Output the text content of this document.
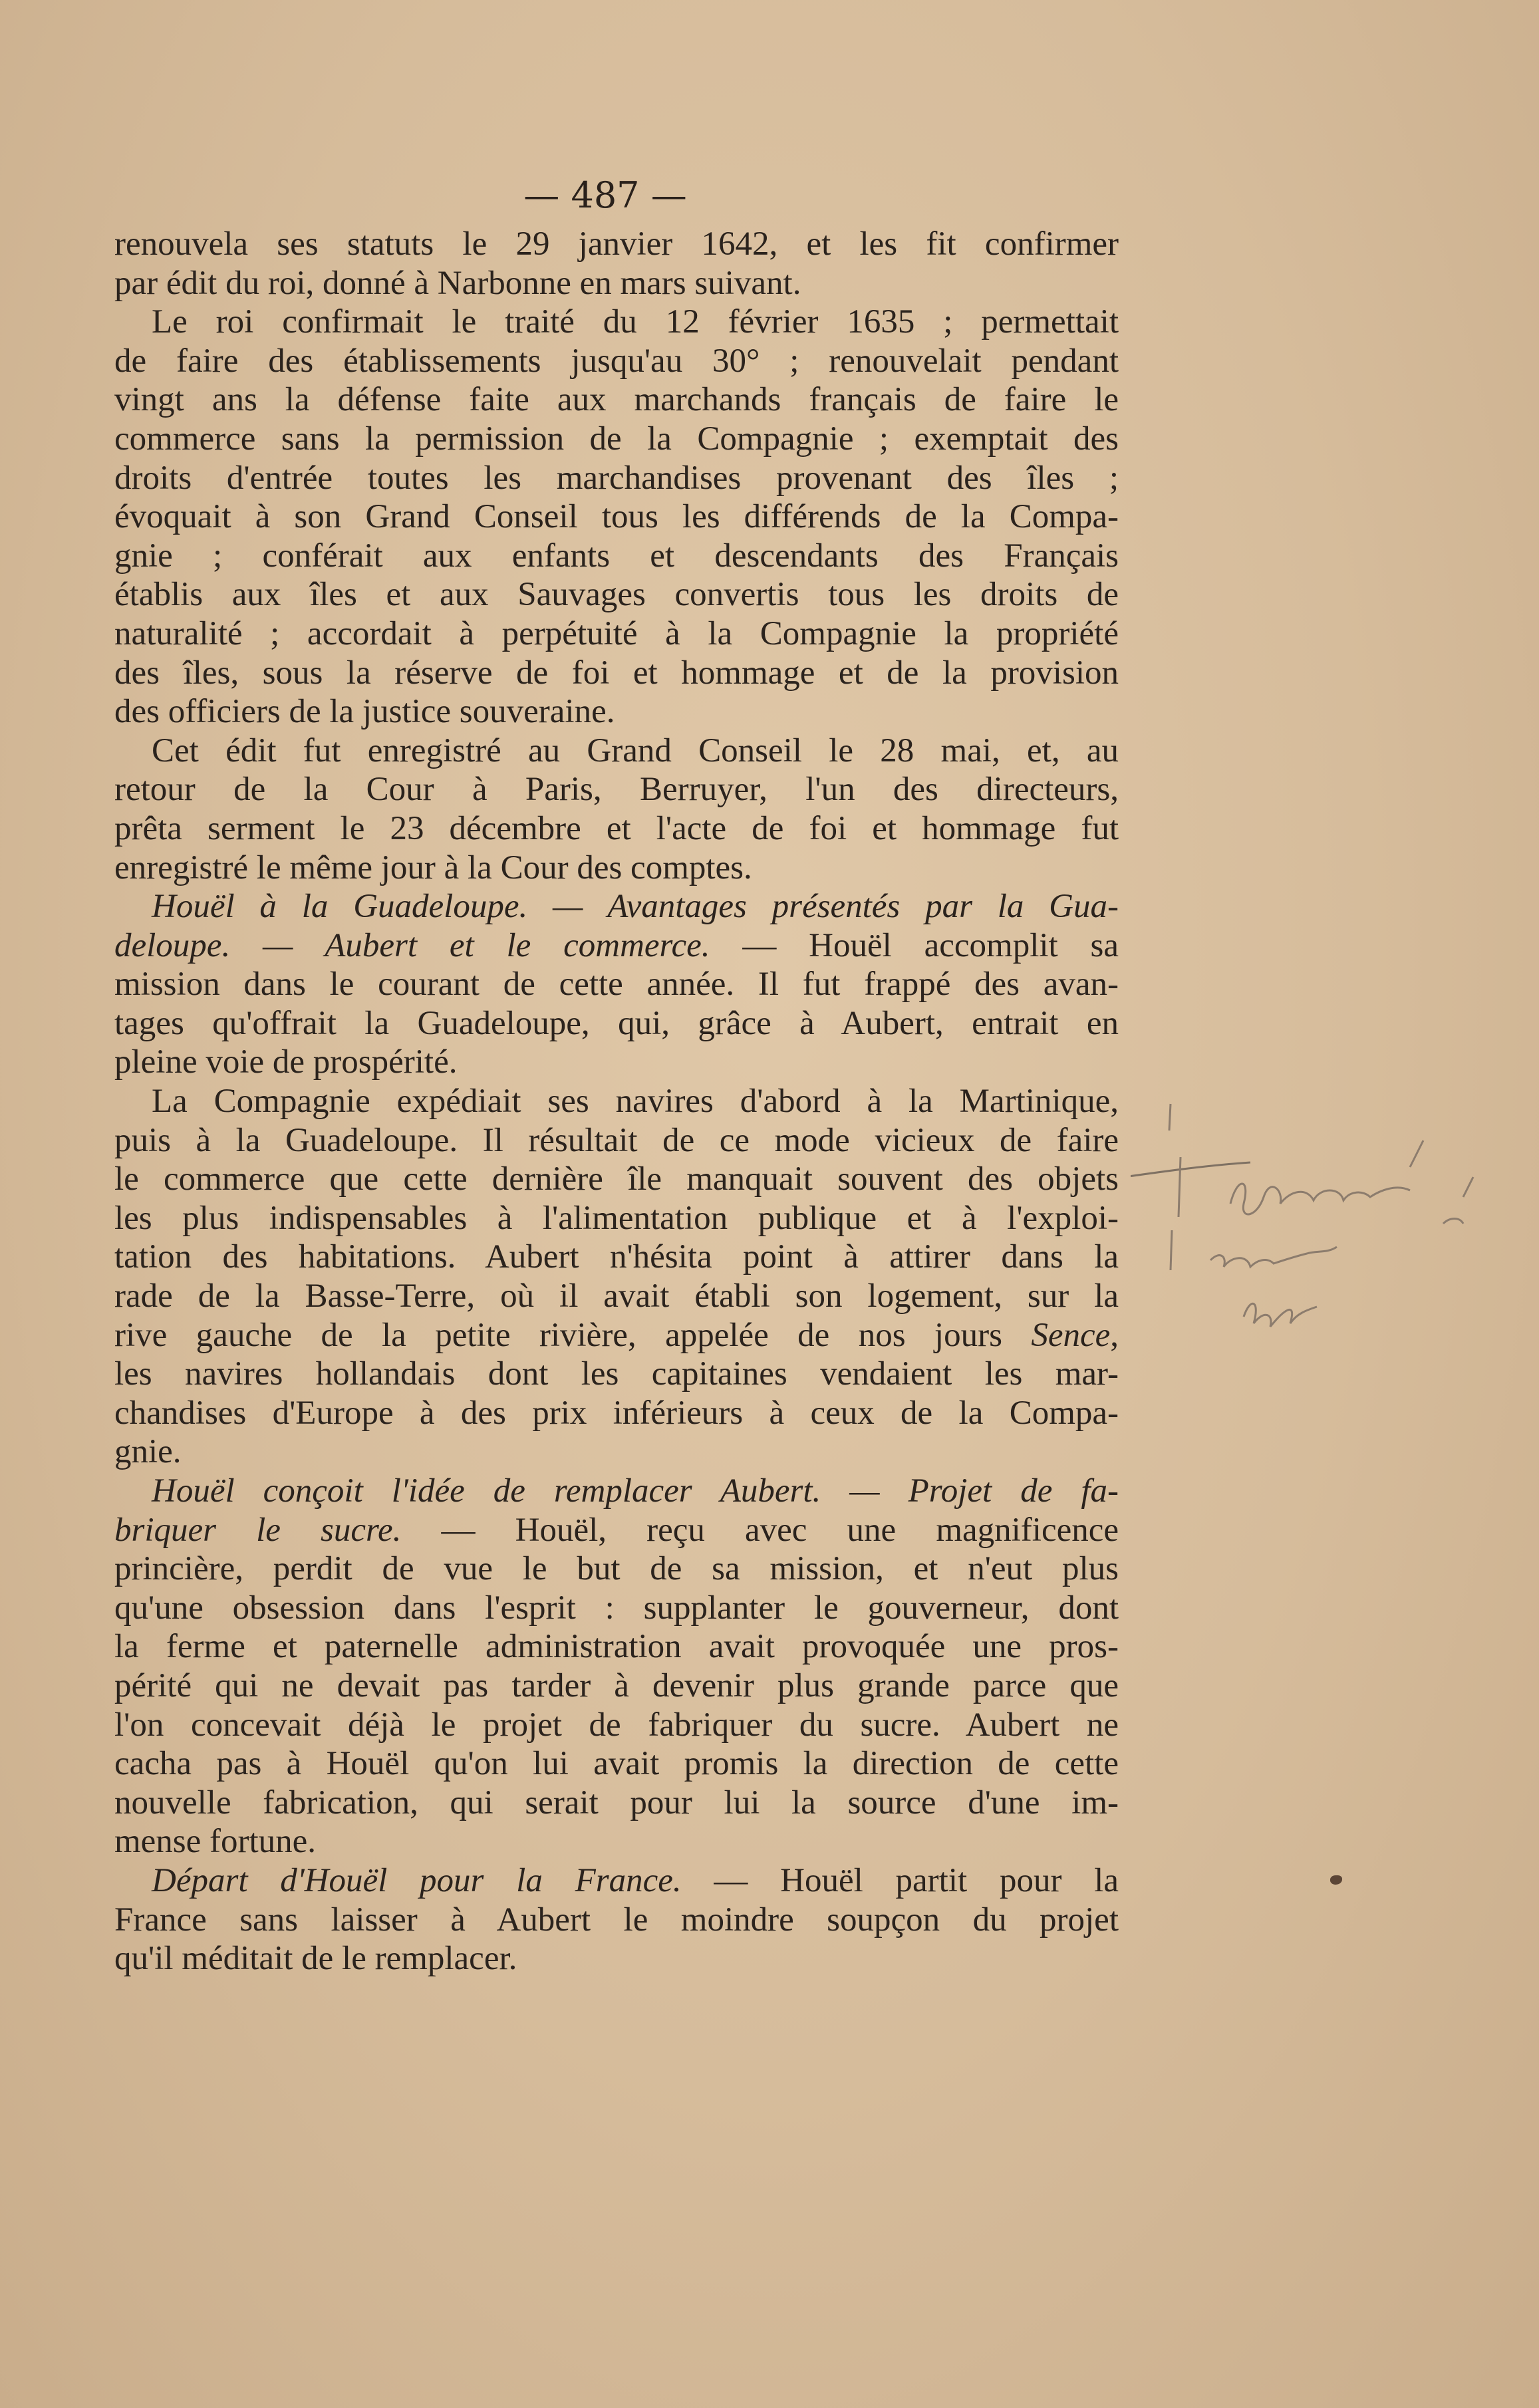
— 487 —
renouvela ses statuts le 29 janvier 1642, et les fit confirmer
par édit du roi, donné à Narbonne en mars suivant.
Le roi confirmait le traité du 12 février 1635 ; permettait
de faire des établissements jusqu'au 30° ; renouvelait pendant
vingt ans la défense faite aux marchands français de faire le
commerce sans la permission de la Compagnie ; exemptait des
droits d'entrée toutes les marchandises provenant des îles ;
évoquait à son Grand Conseil tous les différends de la Compa-
gnie ; conférait aux enfants et descendants des Français
établis aux îles et aux Sauvages convertis tous les droits de
naturalité ; accordait à perpétuité à la Compagnie la propriété
des îles, sous la réserve de foi et hommage et de la provision
des officiers de la justice souveraine.
Cet édit fut enregistré au Grand Conseil le 28 mai, et, au
retour de la Cour à Paris, Berruyer, l'un des directeurs,
prêta serment le 23 décembre et l'acte de foi et hommage fut
enregistré le même jour à la Cour des comptes.
Houël à la Guadeloupe. — Avantages présentés par la Gua-
deloupe. — Aubert et le commerce. — Houël accomplit sa
mission dans le courant de cette année. Il fut frappé des avan-
tages qu'offrait la Guadeloupe, qui, grâce à Aubert, entrait en
pleine voie de prospérité.
La Compagnie expédiait ses navires d'abord à la Martinique,
puis à la Guadeloupe. Il résultait de ce mode vicieux de faire
le commerce que cette dernière île manquait souvent des objets
les plus indispensables à l'alimentation publique et à l'exploi-
tation des habitations. Aubert n'hésita point à attirer dans la
rade de la Basse-Terre, où il avait établi son logement, sur la
rive gauche de la petite rivière, appelée de nos jours Sence,
les navires hollandais dont les capitaines vendaient les mar-
chandises d'Europe à des prix inférieurs à ceux de la Compa-
gnie.
Houël conçoit l'idée de remplacer Aubert. — Projet de fa-
briquer le sucre. — Houël, reçu avec une magnificence
princière, perdit de vue le but de sa mission, et n'eut plus
qu'une obsession dans l'esprit : supplanter le gouverneur, dont
la ferme et paternelle administration avait provoquée une pros-
périté qui ne devait pas tarder à devenir plus grande parce que
l'on concevait déjà le projet de fabriquer du sucre. Aubert ne
cacha pas à Houël qu'on lui avait promis la direction de cette
nouvelle fabrication, qui serait pour lui la source d'une im-
mense fortune.
Départ d'Houël pour la France. — Houël partit pour la
France sans laisser à Aubert le moindre soupçon du projet
qu'il méditait de le remplacer.
